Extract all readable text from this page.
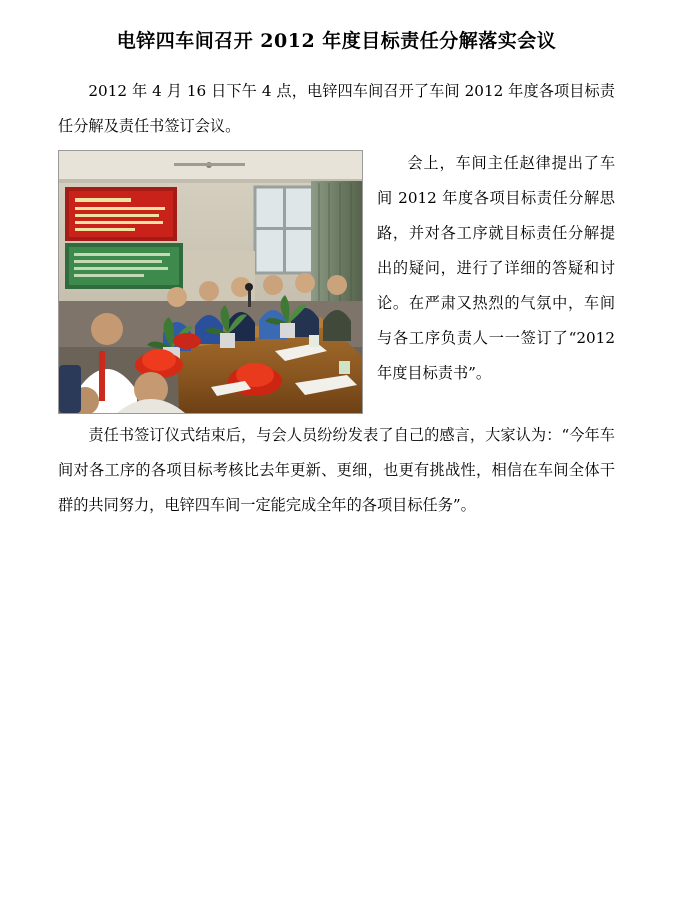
电锌四车间召开 2012 年度目标责任分解落实会议

2012 年 4 月 16 日下午 4 点，电锌四车间召开了车间 2012 年度各项目标责任分解及责任书签订会议。

会上，车间主任赵律提出了车间 2012 年度各项目标责任分解思路，并对各工序就目标责任分解提出的疑问，进行了详细的答疑和讨论。在严肃又热烈的气氛中，车间与各工序负责人一一签订了“2012 年度目标责书”。

责任书签订仪式结束后，与会人员纷纷发表了自己的感言，大家认为：“今年车间对各工序的各项目标考核比去年更新、更细，也更有挑战性，相信在车间全体干群的共同努力，电锌四车间一定能完成全年的各项目标任务”。
